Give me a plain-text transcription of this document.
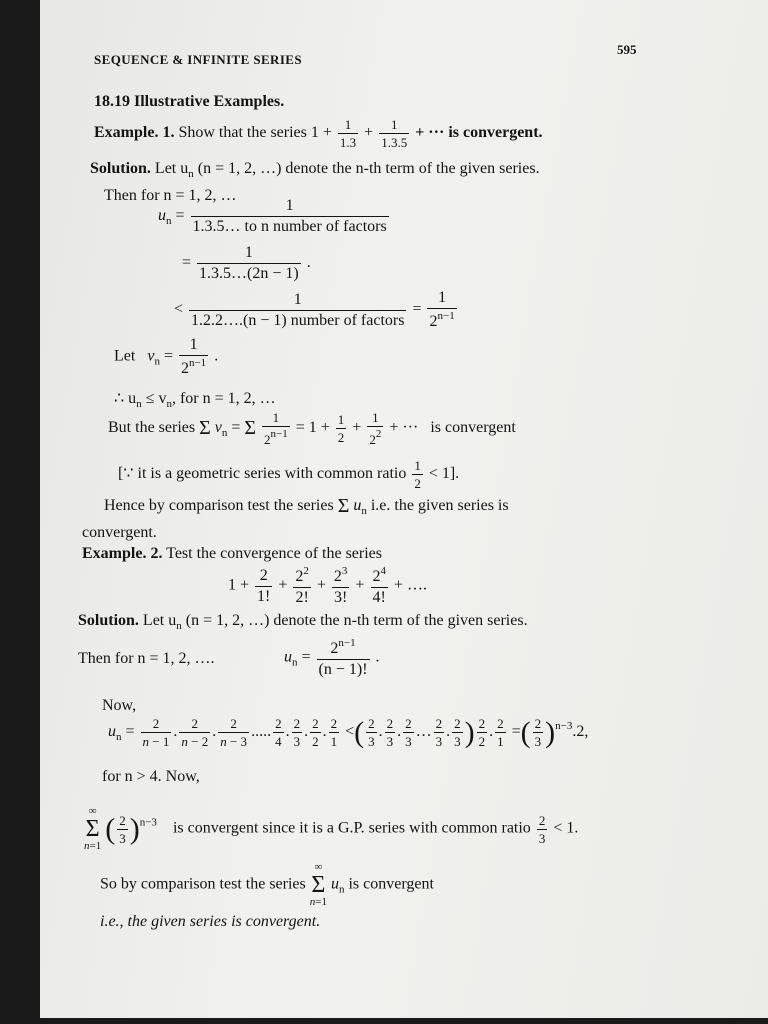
SEQUENCE & INFINITE SERIES
595
18.19 Illustrative Examples.
Example. 1. Show that the series $1 + \frac{1}{1.3} + \frac{1}{1.3.5}$ + ··· is convergent.
Solution. Let $u_n$ (n = 1, 2, …) denote the n-th term of the given series.
Then for n = 1, 2, …
$u_n = \frac{1}{\text{1.3.5… to n number of factors}}$
= $\frac{1}{1.3.5\dots(2n - 1)}$ .
< $\frac{1}{\text{1.2.2….(n − 1) number of factors}} = \frac{1}{2^{n-1}}$
Let $v_n = \frac{1}{2^{n-1}}$ .
∴ $u_n \le v_n$, for n = 1, 2, …
But the series Σ $v_n = \Sigma \frac{1}{2^{n-1}} = 1 + \frac{1}{2} + \frac{1}{2^2}$ + ···   is convergent
[∵ it is a geometric series with common ratio $\frac{1}{2} < 1$].
Hence by comparison test the series Σ $u_n$ i.e. the given series is
convergent.
Example. 2. Test the convergence of the series
$1 + \frac{2}{1!} + \frac{2^2}{2!} + \frac{2^3}{3!} + \frac{2^4}{4!}$ + ….
Solution. Let $u_n$ (n = 1, 2, …) denote the n-th term of the given series.
Then for n = 1, 2, ….	$u_n = \frac{2^{n-1}}{(n - 1)!}$ .
Now,
$u_n = \frac{2}{n - 1}$ . $\frac{2}{n - 2}$ . $\frac{2}{n - 3}$ ..... $\frac{2}{4}$ . $\frac{2}{3}$ . $\frac{2}{2}$ . $\frac{2}{1}$ <( $\frac{2}{3}$ . $\frac{2}{3}$ . $\frac{2}{3}$ … $\frac{2}{3}$ . $\frac{2}{3}$ ) $\frac{2}{2}$ . $\frac{2}{1}$ =( $\frac{2}{3} )^{n-3}.2$,
for n > 4. Now,
∞
Σ
n=1
( $\frac{2}{3} )^{n-3}$ is convergent since it is a G.P. series with common ratio $\frac{2}{3} < 1$.
So by comparison test the series
∞
Σ
n=1
$u_n$ is convergent
i.e., the given series is convergent.
